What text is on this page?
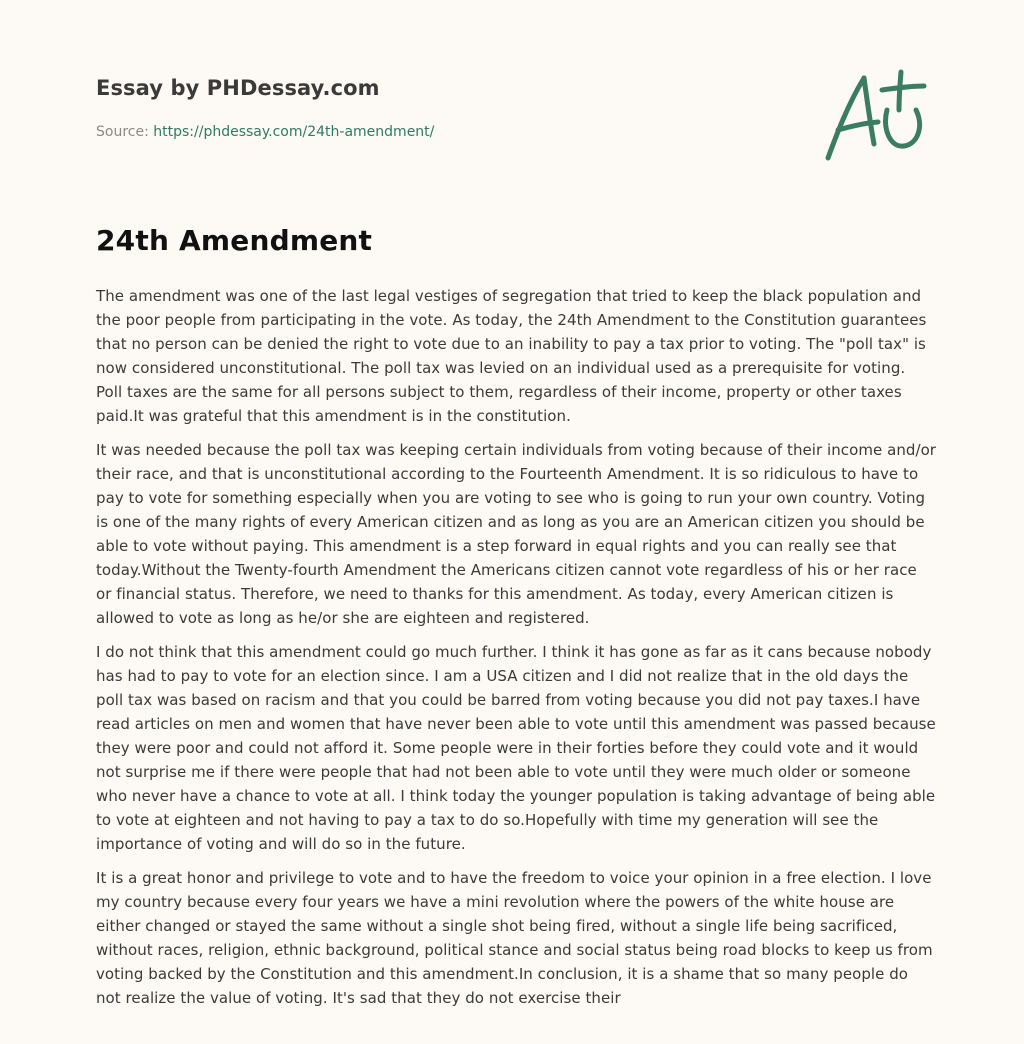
Essay by PHDessay.com
Source: https://phdessay.com/24th-amendment/
24th Amendment

The amendment was one of the last legal vestiges of segregation that tried to keep the black population and the poor people from participating in the vote. As today, the 24th Amendment to the Constitution guarantees that no person can be denied the right to vote due to an inability to pay a tax prior to voting. The "poll tax" is now considered unconstitutional. The poll tax was levied on an individual used as a prerequisite for voting. Poll taxes are the same for all persons subject to them, regardless of their income, property or other taxes paid.It was grateful that this amendment is in the constitution.

It was needed because the poll tax was keeping certain individuals from voting because of their income and/or their race, and that is unconstitutional according to the Fourteenth Amendment. It is so ridiculous to have to pay to vote for something especially when you are voting to see who is going to run your own country. Voting is one of the many rights of every American citizen and as long as you are an American citizen you should be able to vote without paying. This amendment is a step forward in equal rights and you can really see that today.Without the Twenty-fourth Amendment the Americans citizen cannot vote regardless of his or her race or financial status. Therefore, we need to thanks for this amendment. As today, every American citizen is allowed to vote as long as he/or she are eighteen and registered.

I do not think that this amendment could go much further. I think it has gone as far as it cans because nobody has had to pay to vote for an election since. I am a USA citizen and I did not realize that in the old days the poll tax was based on racism and that you could be barred from voting because you did not pay taxes.I have read articles on men and women that have never been able to vote until this amendment was passed because they were poor and could not afford it. Some people were in their forties before they could vote and it would not surprise me if there were people that had not been able to vote until they were much older or someone who never have a chance to vote at all. I think today the younger population is taking advantage of being able to vote at eighteen and not having to pay a tax to do so.Hopefully with time my generation will see the importance of voting and will do so in the future.

It is a great honor and privilege to vote and to have the freedom to voice your opinion in a free election. I love my country because every four years we have a mini revolution where the powers of the white house are either changed or stayed the same without a single shot being fired, without a single life being sacrificed, without races, religion, ethnic background, political stance and social status being road blocks to keep us from voting backed by the Constitution and this amendment.In conclusion, it is a shame that so many people do not realize the value of voting. It's sad that they do not exercise their
